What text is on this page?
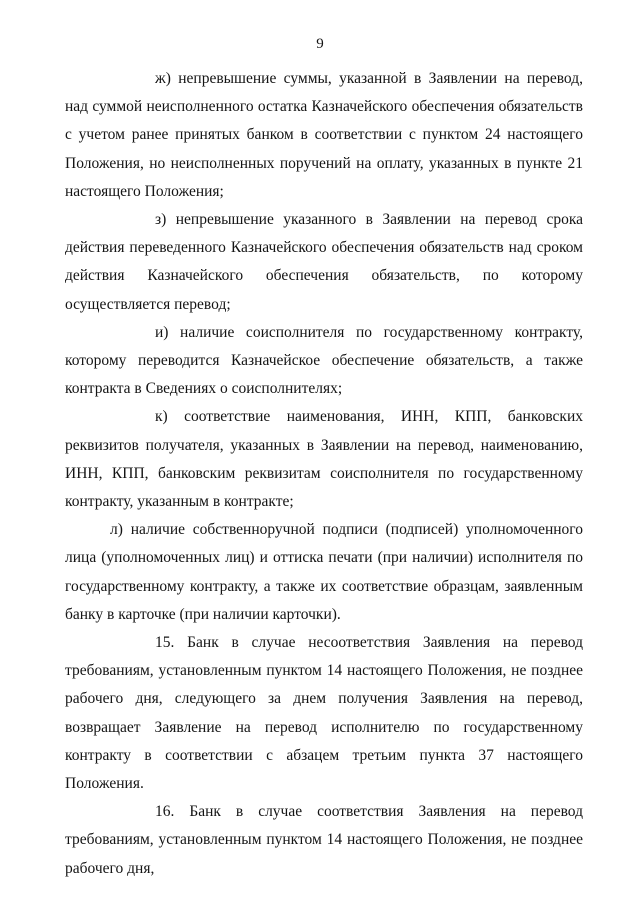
9

ж) непревышение суммы, указанной в Заявлении на перевод, над суммой неисполненного остатка Казначейского обеспечения обязательств с учетом ранее принятых банком в соответствии с пунктом 24 настоящего Положения, но неисполненных поручений на оплату, указанных в пункте 21 настоящего Положения;

з) непревышение указанного в Заявлении на перевод срока действия переведенного Казначейского обеспечения обязательств над сроком действия Казначейского обеспечения обязательств, по которому осуществляется перевод;

и) наличие соисполнителя по государственному контракту, которому переводится Казначейское обеспечение обязательств, а также контракта в Сведениях о соисполнителях;

к) соответствие наименования, ИНН, КПП, банковских реквизитов получателя, указанных в Заявлении на перевод, наименованию, ИНН, КПП, банковским реквизитам соисполнителя по государственному контракту, указанным в контракте;

л) наличие собственноручной подписи (подписей) уполномоченного лица (уполномоченных лиц) и оттиска печати (при наличии) исполнителя по государственному контракту, а также их соответствие образцам, заявленным банку в карточке (при наличии карточки).

15. Банк в случае несоответствия Заявления на перевод требованиям, установленным пунктом 14 настоящего Положения, не позднее рабочего дня, следующего за днем получения Заявления на перевод, возвращает Заявление на перевод исполнителю по государственному контракту в соответствии с абзацем третьим пункта 37 настоящего Положения.

16. Банк в случае соответствия Заявления на перевод требованиям, установленным пунктом 14 настоящего Положения, не позднее рабочего дня,
